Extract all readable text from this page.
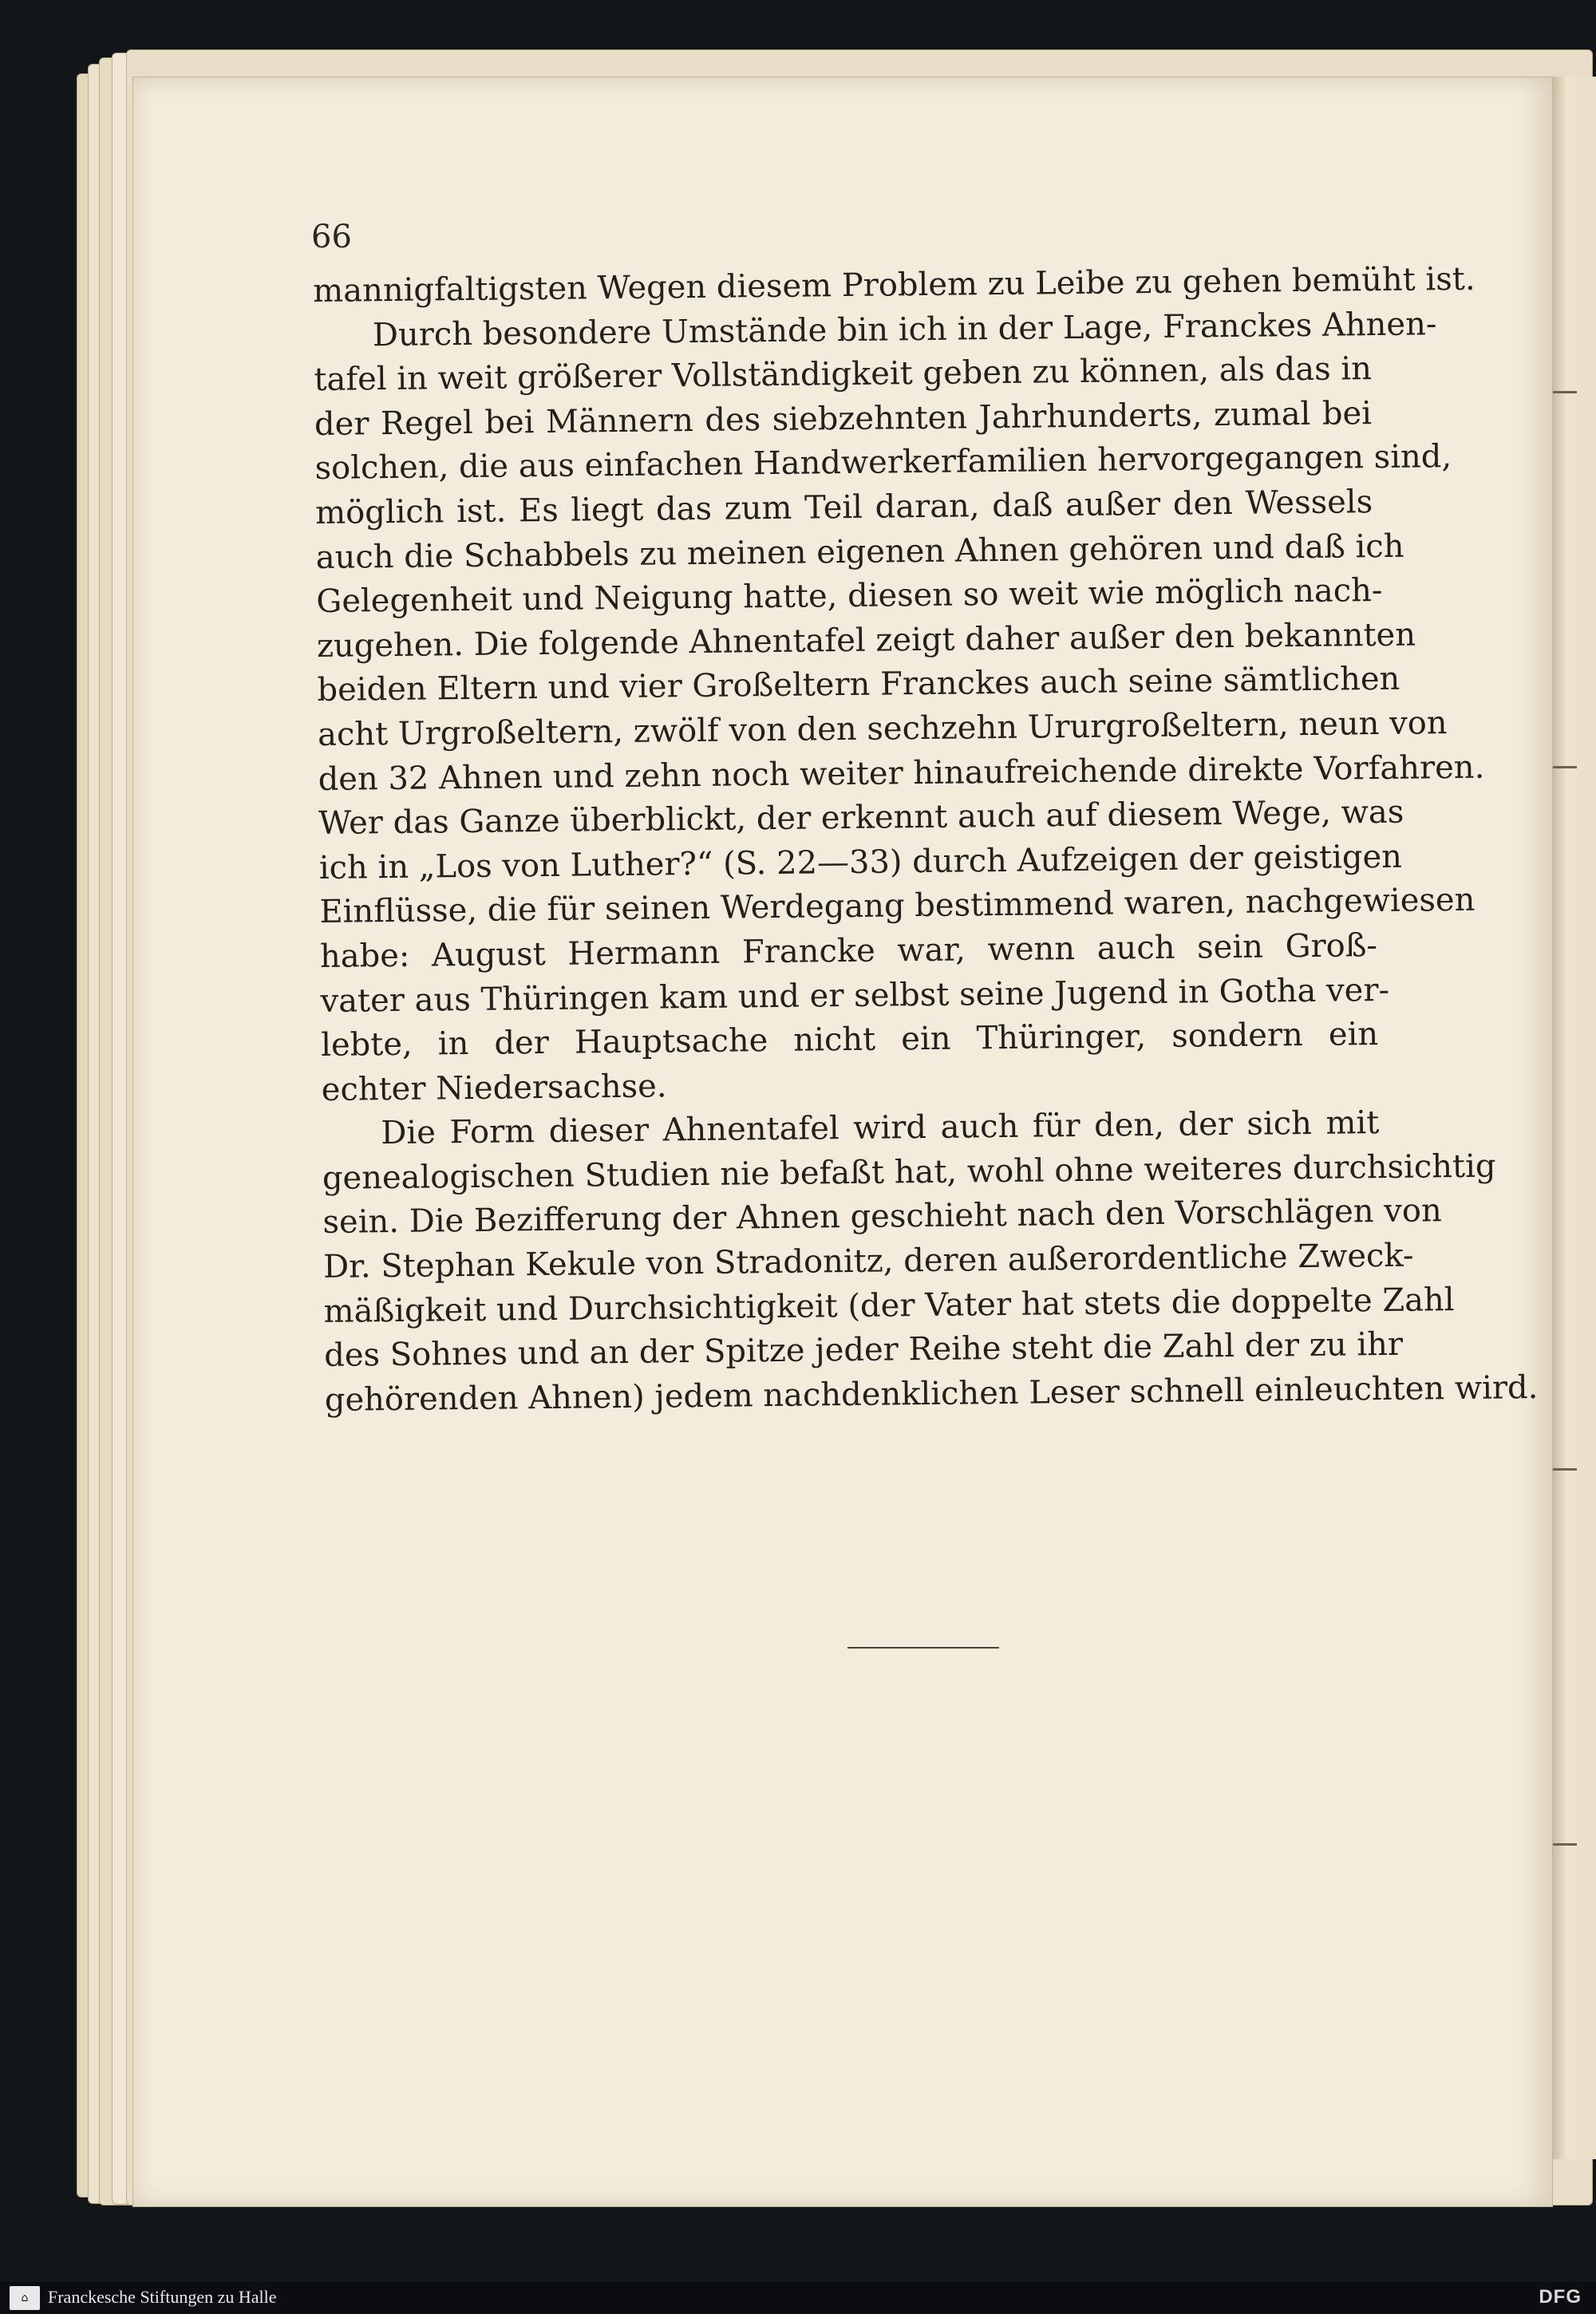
66
mannigfaltigsten Wegen diesem Problem zu Leibe zu gehen bemüht ist.
Durch besondere Umstände bin ich in der Lage, Franckes Ahnen-
tafel in weit größerer Vollständigkeit geben zu können, als das in
der Regel bei Männern des siebzehnten Jahrhunderts, zumal bei
solchen, die aus einfachen Handwerkerfamilien hervorgegangen sind,
möglich ist. Es liegt das zum Teil daran, daß außer den Wessels
auch die Schabbels zu meinen eigenen Ahnen gehören und daß ich
Gelegenheit und Neigung hatte, diesen so weit wie möglich nach-
zugehen. Die folgende Ahnentafel zeigt daher außer den bekannten
beiden Eltern und vier Großeltern Franckes auch seine sämtlichen
acht Urgroßeltern, zwölf von den sechzehn Ururgroßeltern, neun von
den 32 Ahnen und zehn noch weiter hinaufreichende direkte Vorfahren.
Wer das Ganze überblickt, der erkennt auch auf diesem Wege, was
ich in „Los von Luther?“ (S. 22—33) durch Aufzeigen der geistigen
Einflüsse, die für seinen Werdegang bestimmend waren, nachgewiesen
habe: August Hermann Francke war, wenn auch sein Groß-
vater aus Thüringen kam und er selbst seine Jugend in Gotha ver-
lebte, in der Hauptsache nicht ein Thüringer, sondern ein
echter Niedersachse.
Die Form dieser Ahnentafel wird auch für den, der sich mit
genealogischen Studien nie befaßt hat, wohl ohne weiteres durchsichtig
sein. Die Bezifferung der Ahnen geschieht nach den Vorschlägen von
Dr. Stephan Kekule von Stradonitz, deren außerordentliche Zweck-
mäßigkeit und Durchsichtigkeit (der Vater hat stets die doppelte Zahl
des Sohnes und an der Spitze jeder Reihe steht die Zahl der zu ihr
gehörenden Ahnen) jedem nachdenklichen Leser schnell einleuchten wird.
⌂	Franckesche Stiftungen zu Halle	DFG
